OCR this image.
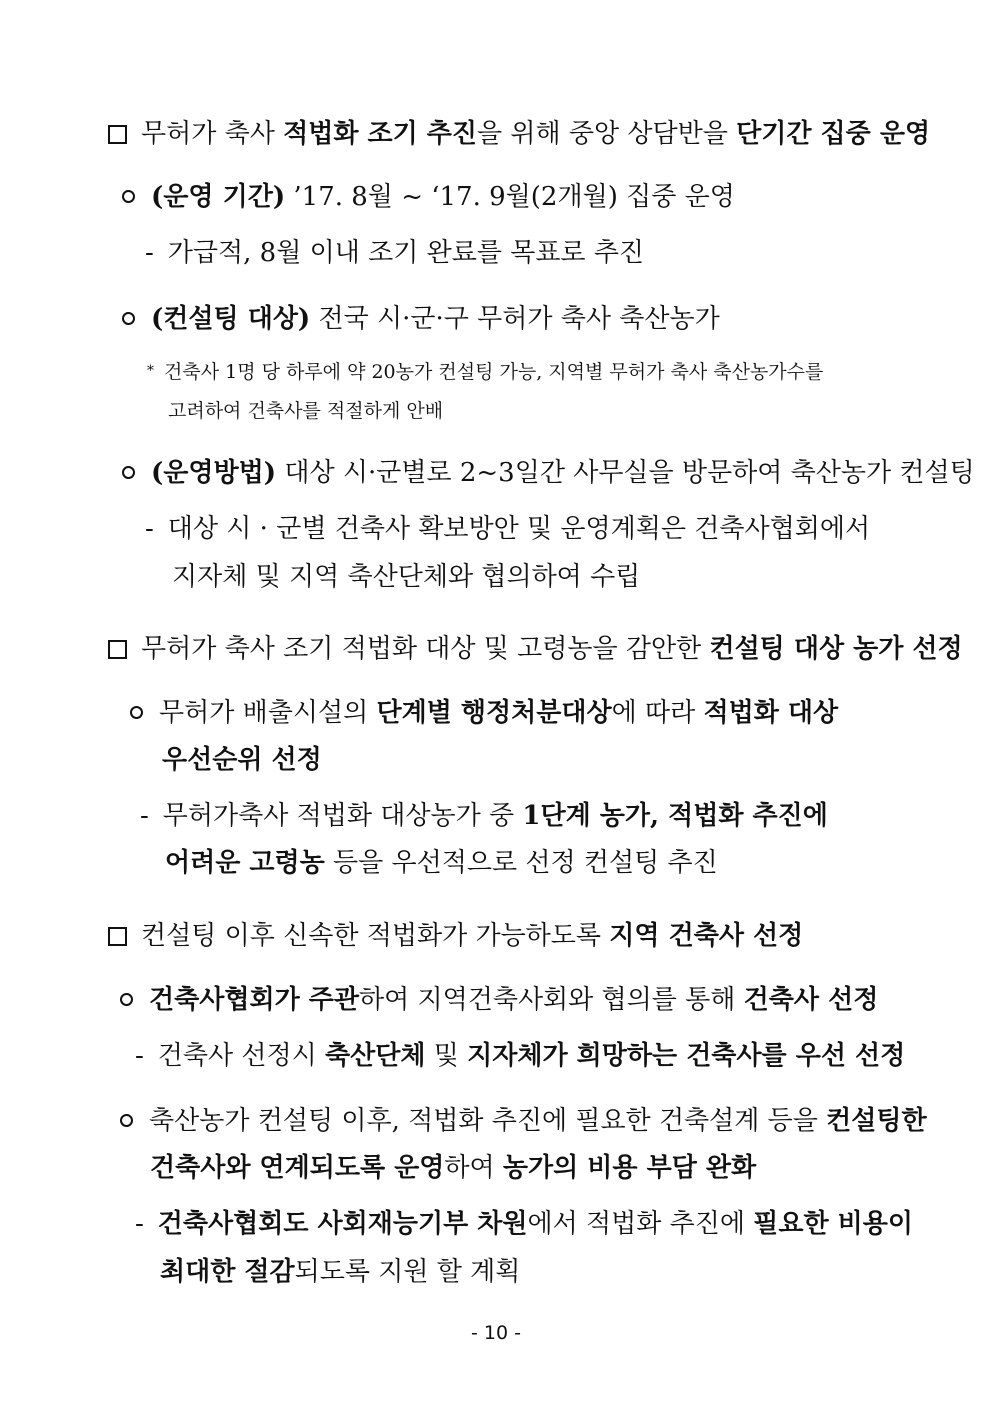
무허가 축사 적법화 조기 추진을 위해 중앙 상담반을 단기간 집중 운영
(운영 기간) ’17. 8월 ~ ‘17. 9월(2개월) 집중 운영
- 가급적, 8월 이내 조기 완료를 목표로 추진
(컨설팅 대상) 전국 시·군·구 무허가 축사 축산농가
* 건축사 1명 당 하루에 약 20농가 컨설팅 가능, 지역별 무허가 축사 축산농가수를
고려하여 건축사를 적절하게 안배
(운영방법) 대상 시·군별로 2~3일간 사무실을 방문하여 축산농가 컨설팅
- 대상 시 · 군별 건축사 확보방안 및 운영계획은 건축사협회에서
지자체 및 지역 축산단체와 협의하여 수립
무허가 축사 조기 적법화 대상 및 고령농을 감안한 컨설팅 대상 농가 선정
무허가 배출시설의 단계별 행정처분대상에 따라 적법화 대상
우선순위 선정
- 무허가축사 적법화 대상농가 중 1단계 농가, 적법화 추진에
어려운 고령농 등을 우선적으로 선정 컨설팅 추진
컨설팅 이후 신속한 적법화가 가능하도록 지역 건축사 선정
건축사협회가 주관하여 지역건축사회와 협의를 통해 건축사 선정
- 건축사 선정시 축산단체 및 지자체가 희망하는 건축사를 우선 선정
축산농가 컨설팅 이후, 적법화 추진에 필요한 건축설계 등을 컨설팅한
건축사와 연계되도록 운영하여 농가의 비용 부담 완화
- 건축사협회도 사회재능기부 차원에서 적법화 추진에 필요한 비용이
최대한 절감되도록 지원 할 계획
- 10 -
